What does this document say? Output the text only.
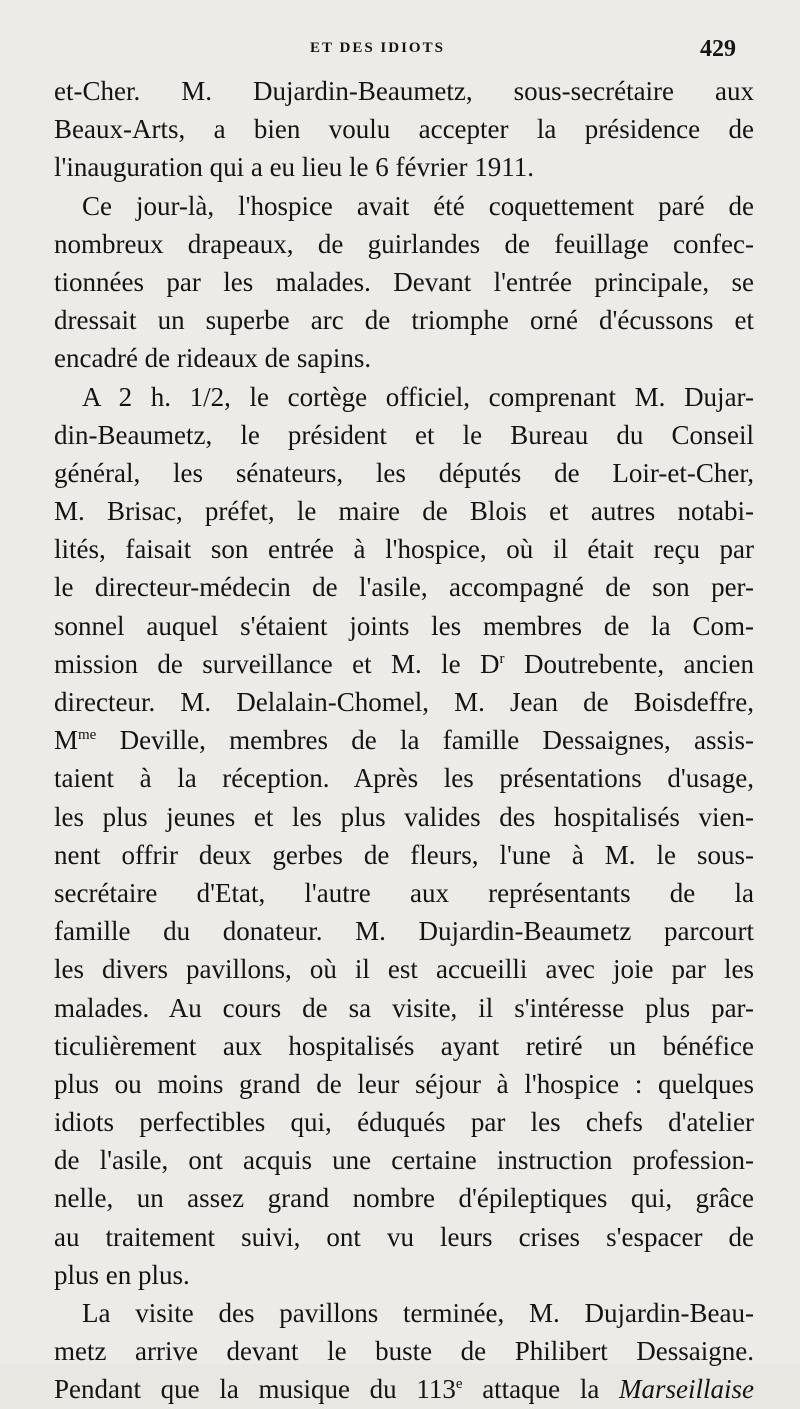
ET DES IDIOTS	429
et-Cher. M. Dujardin-Beaumetz, sous-secrétaire aux
Beaux-Arts, a bien voulu accepter la présidence de
l'inauguration qui a eu lieu le 6 février 1911.
Ce jour-là, l'hospice avait été coquettement paré de
nombreux drapeaux, de guirlandes de feuillage confec-
tionnées par les malades. Devant l'entrée principale, se
dressait un superbe arc de triomphe orné d'écussons et
encadré de rideaux de sapins.
A 2 h. 1/2, le cortège officiel, comprenant M. Dujar-
din-Beaumetz, le président et le Bureau du Conseil
général, les sénateurs, les députés de Loir-et-Cher,
M. Brisac, préfet, le maire de Blois et autres notabi-
lités, faisait son entrée à l'hospice, où il était reçu par
le directeur-médecin de l'asile, accompagné de son per-
sonnel auquel s'étaient joints les membres de la Com-
mission de surveillance et M. le $D^r$ Doutrebente, ancien
directeur. M. Delalain-Chomel, M. Jean de Boisdeffre,
$M^{me}$ Deville, membres de la famille Dessaignes, assis-
taient à la réception. Après les présentations d'usage,
les plus jeunes et les plus valides des hospitalisés vien-
nent offrir deux gerbes de fleurs, l'une à M. le sous-
secrétaire d'Etat, l'autre aux représentants de la
famille du donateur. M. Dujardin-Beaumetz parcourt
les divers pavillons, où il est accueilli avec joie par les
malades. Au cours de sa visite, il s'intéresse plus par-
ticulièrement aux hospitalisés ayant retiré un bénéfice
plus ou moins grand de leur séjour à l'hospice : quelques
idiots perfectibles qui, éduqués par les chefs d'atelier
de l'asile, ont acquis une certaine instruction profession-
nelle, un assez grand nombre d'épileptiques qui, grâce
au traitement suivi, ont vu leurs crises s'espacer de
plus en plus.
La visite des pavillons terminée, M. Dujardin-Beau-
metz arrive devant le buste de Philibert Dessaigne.
Pendant que la musique du 113e attaque la Marseillaise
